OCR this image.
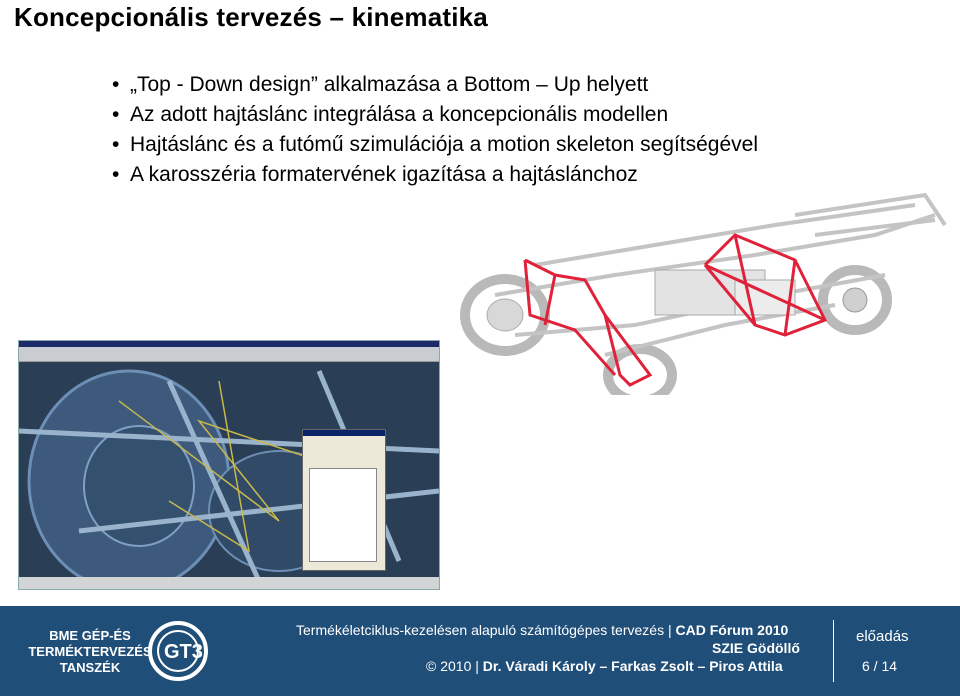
Koncepcionális tervezés – kinematika
• „Top - Down design” alkalmazása a Bottom – Up helyett
• Az adott hajtáslánc integrálása a koncepcionális modellen
• Hajtáslánc és a futómű szimulációja a motion skeleton segítségével
• A karosszéria formatervének igazítása a hajtáslánchoz
BME GÉP-ÉS
TERMÉKTERVEZÉS
TANSZÉK
GT3
Termékéletciklus-kezelésen alapuló számítógépes tervezés | CAD Fórum 2010
SZIE Gödöllő
© 2010 | Dr. Váradi Károly – Farkas Zsolt – Piros Attila
előadás
6 / 14
